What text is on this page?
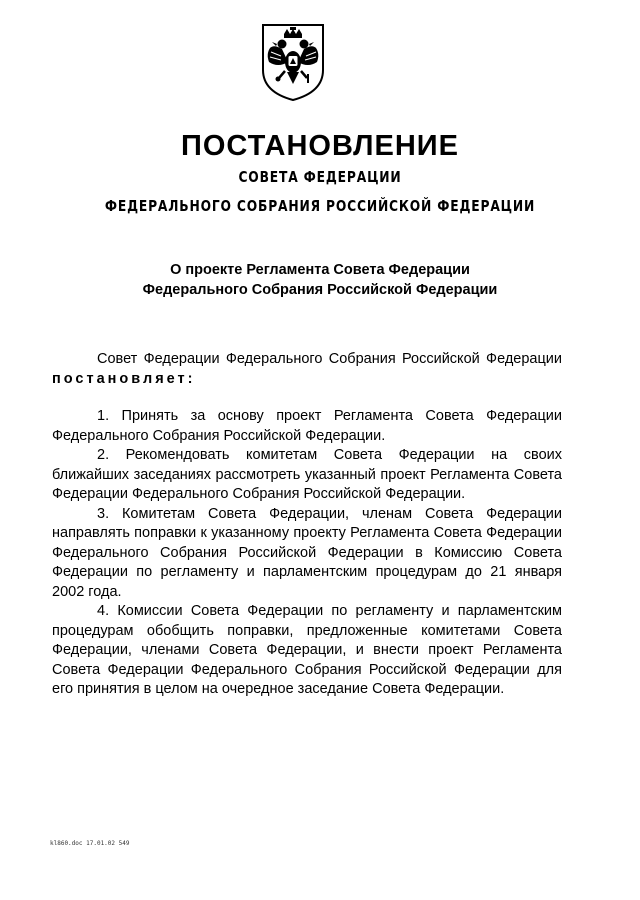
ПОСТАНОВЛЕНИЕ
СОВЕТА ФЕДЕРАЦИИ
ФЕДЕРАЛЬНОГО СОБРАНИЯ РОССИЙСКОЙ ФЕДЕРАЦИИ
О проекте Регламента Совета Федерации
Федерального Собрания Российской Федерации

Совет Федерации Федерального Собрания Российской Федерации постановляет:

1. Принять за основу проект Регламента Совета Федерации Федерального Собрания Российской Федерации.

2. Рекомендовать комитетам Совета Федерации на своих ближайших заседаниях рассмотреть указанный проект Регламента Совета Федерации Федерального Собрания Российской Федерации.

3. Комитетам Совета Федерации, членам Совета Федерации направлять поправки к указанному проекту Регламента Совета Федерации Федерального Собрания Российской Федерации в Комиссию Совета Федерации по регламенту и парламентским процедурам до 21 января 2002 года.

4. Комиссии Совета Федерации по регламенту и парламентским процедурам обобщить поправки, предложенные комитетами Совета Федерации, членами Совета Федерации, и внести проект Регламента Совета Федерации Федерального Собрания Российской Федерации для его принятия в целом на очередное заседание Совета Федерации.

kl860.doc 17.01.02 549
